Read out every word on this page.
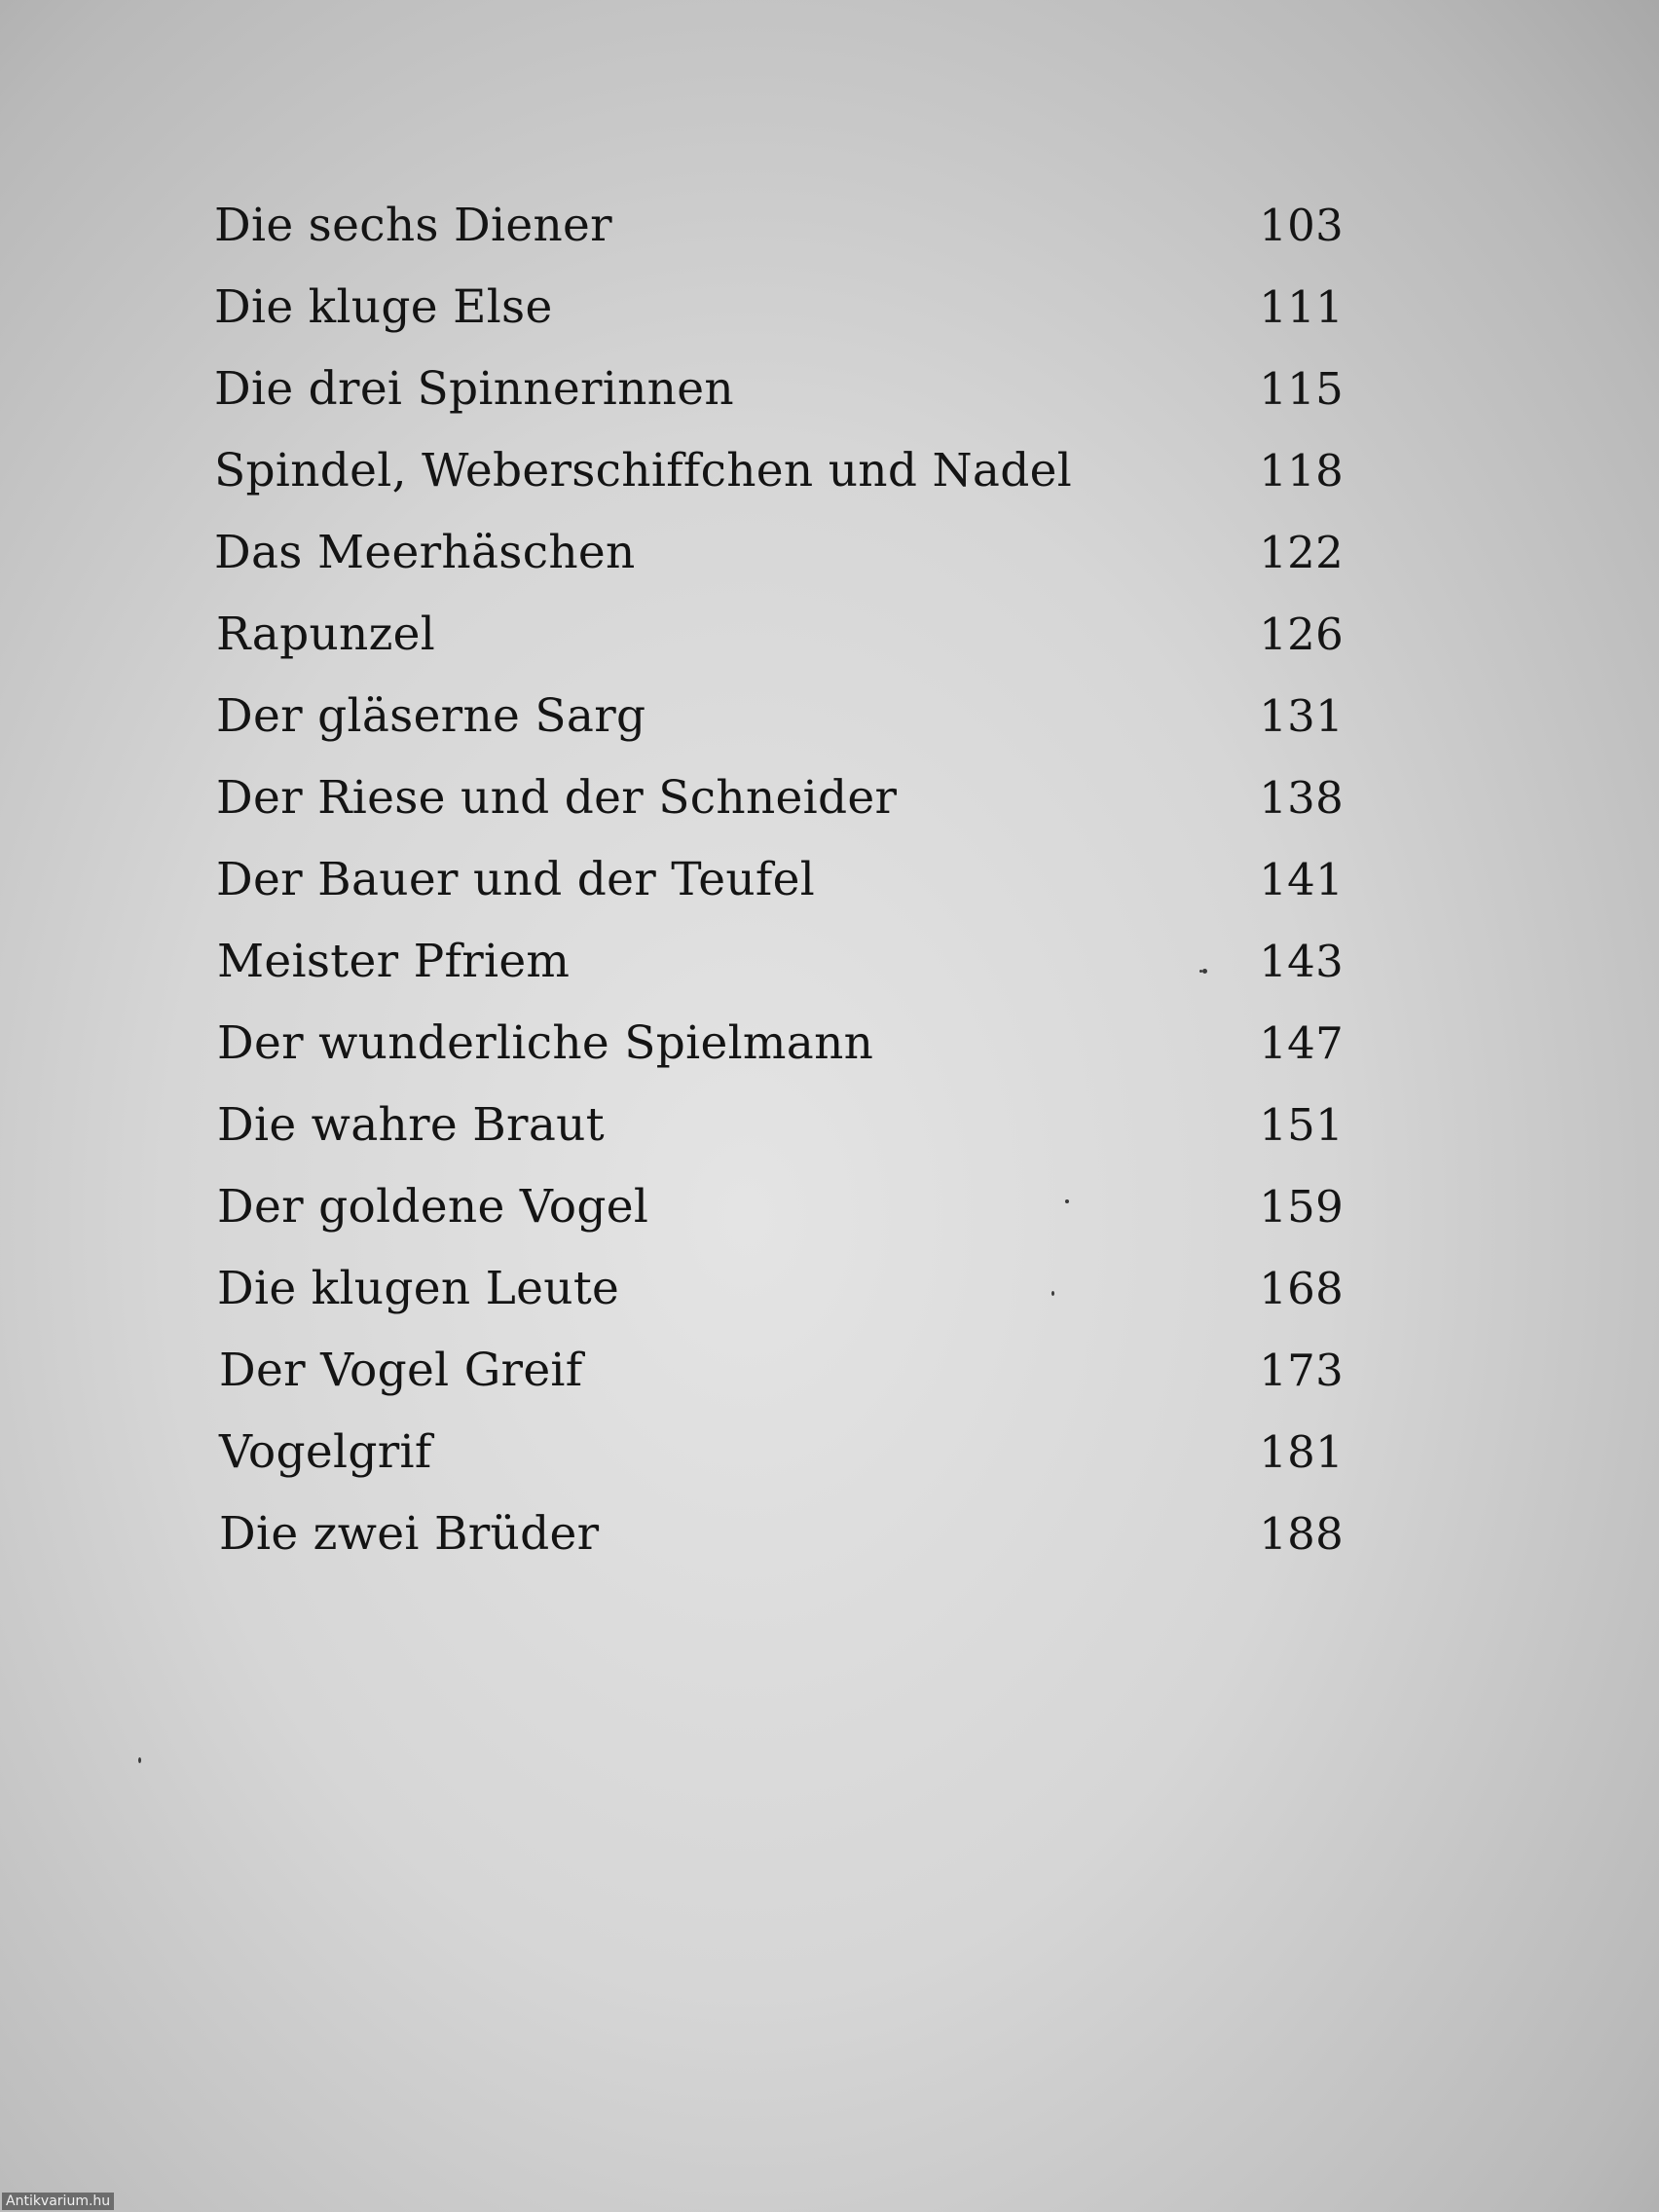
Die sechs Diener	103
Die kluge Else	111
Die drei Spinnerinnen	115
Spindel, Weberschiffchen und Nadel	118
Das Meerhäschen	122
Rapunzel	126
Der gläserne Sarg	131
Der Riese und der Schneider	138
Der Bauer und der Teufel	141
Meister Pfriem	143
Der wunderliche Spielmann	147
Die wahre Braut	151
Der goldene Vogel	159
Die klugen Leute	168
Der Vogel Greif	173
Vogelgrif	181
Die zwei Brüder	188
Antikvarium.hu
